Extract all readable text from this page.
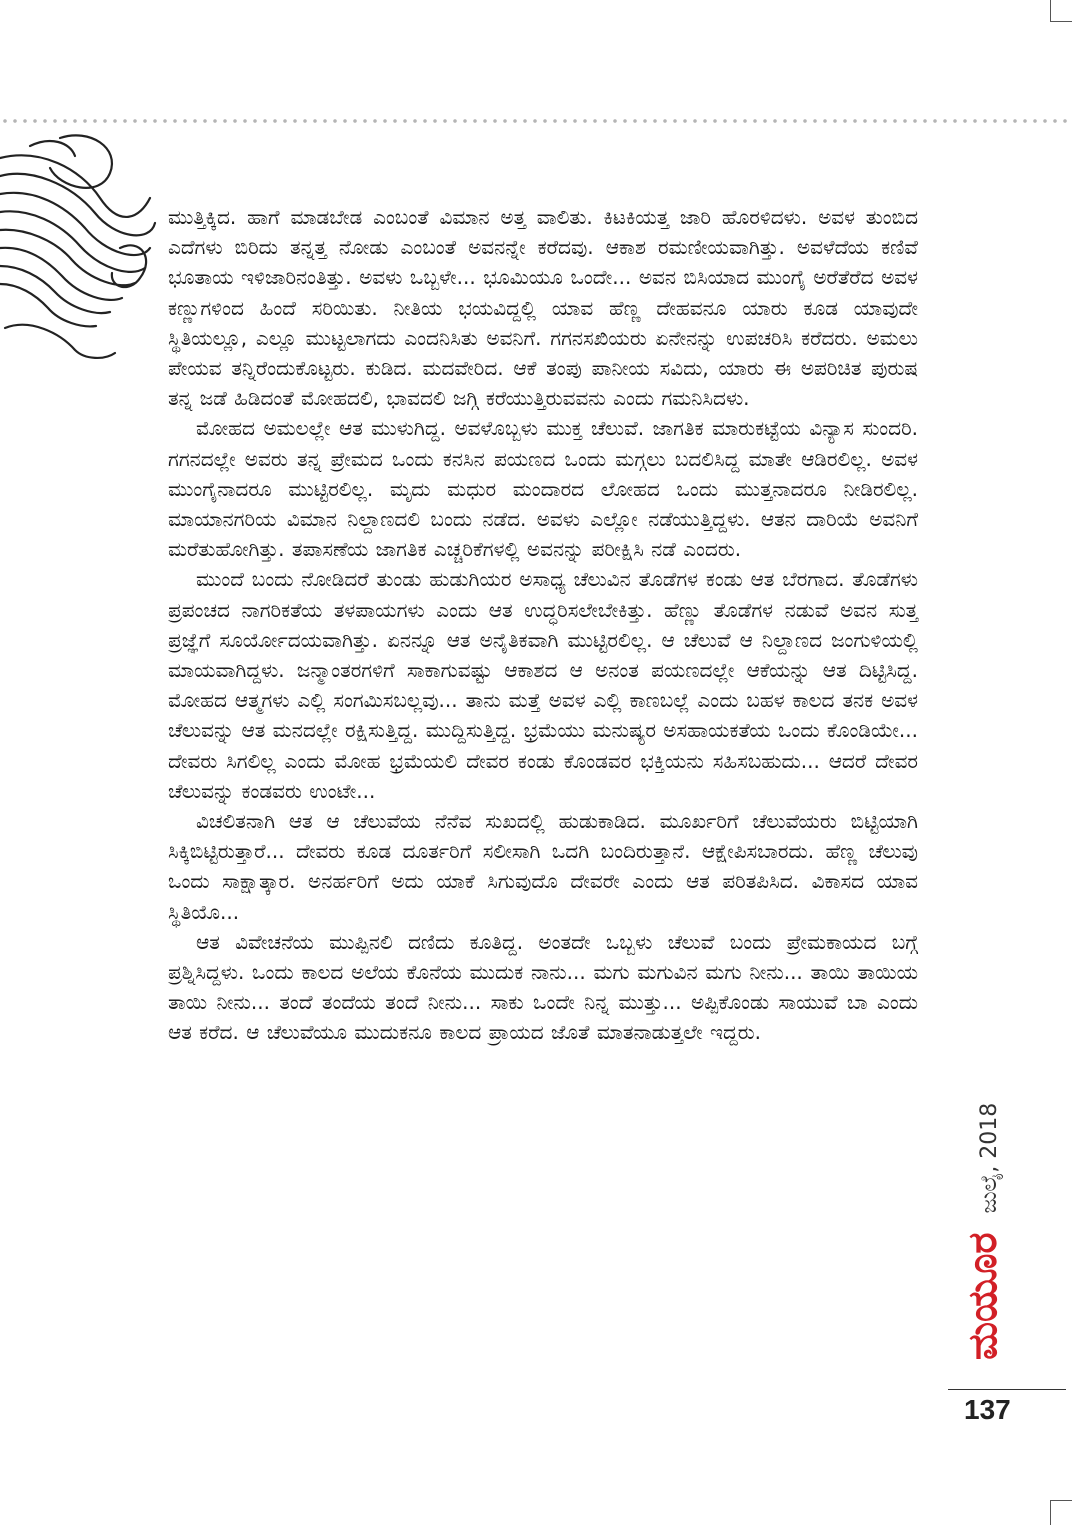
ಮುತ್ತಿಕ್ಕಿದ. ಹಾಗೆ ಮಾಡಬೇಡ ಎಂಬಂತೆ ವಿಮಾನ ಅತ್ತ ವಾಲಿತು. ಕಿಟಕಿಯತ್ತ ಜಾರಿ ಹೊರಳಿದಳು. ಅವಳ ತುಂಬಿದ ಎದೆಗಳು ಬಿರಿದು ತನ್ನತ್ತ ನೋಡು ಎಂಬಂತೆ ಅವನನ್ನೇ ಕರೆದವು. ಆಕಾಶ ರಮಣೀಯವಾಗಿತ್ತು. ಅವಳೆದೆಯ ಕಣಿವೆ ಭೂತಾಯ ಇಳಿಜಾರಿನಂತಿತ್ತು. ಅವಳು ಒಬ್ಬಳೇ... ಭೂಮಿಯೂ ಒಂದೇ... ಅವನ ಬಿಸಿಯಾದ ಮುಂಗೈ ಅರೆತೆರೆದ ಅವಳ ಕಣ್ಣುಗಳಿಂದ ಹಿಂದೆ ಸರಿಯಿತು. ನೀತಿಯ ಭಯವಿದ್ದಲ್ಲಿ ಯಾವ ಹೆಣ್ಣ ದೇಹವನೂ ಯಾರು ಕೂಡ ಯಾವುದೇ ಸ್ಥಿತಿಯಲ್ಲೂ, ಎಲ್ಲೂ ಮುಟ್ಟಲಾಗದು ಎಂದನಿಸಿತು ಅವನಿಗೆ. ಗಗನಸಖಿಯರು ಏನೇನನ್ನು ಉಪಚರಿಸಿ ಕರೆದರು. ಅಮಲು ಪೇಯವ ತನ್ನಿರೆಂದುಕೊಟ್ಟರು. ಕುಡಿದ. ಮದವೇರಿದ. ಆಕೆ ತಂಪು ಪಾನೀಯ ಸವಿದು, ಯಾರು ಈ ಅಪರಿಚಿತ ಪುರುಷ ತನ್ನ ಜಡೆ ಹಿಡಿದಂತೆ ಮೋಹದಲಿ, ಭಾವದಲಿ ಜಗ್ಗಿ ಕರೆಯುತ್ತಿರುವವನು ಎಂದು ಗಮನಿಸಿದಳು.

ಮೋಹದ ಅಮಲಲ್ಲೇ ಆತ ಮುಳುಗಿದ್ದ. ಅವಳೊಬ್ಬಳು ಮುಕ್ತ ಚೆಲುವೆ. ಜಾಗತಿಕ ಮಾರುಕಟ್ಟೆಯ ವಿನ್ಯಾಸ ಸುಂದರಿ. ಗಗನದಲ್ಲೇ ಅವರು ತನ್ನ ಪ್ರೇಮದ ಒಂದು ಕನಸಿನ ಪಯಣದ ಒಂದು ಮಗ್ಗಲು ಬದಲಿಸಿದ್ದ ಮಾತೇ ಆಡಿರಲಿಲ್ಲ. ಅವಳ ಮುಂಗೈನಾದರೂ ಮುಟ್ಟಿರಲಿಲ್ಲ. ಮೃದು ಮಧುರ ಮಂದಾರದ ಲೋಹದ ಒಂದು ಮುತ್ತನಾದರೂ ನೀಡಿರಲಿಲ್ಲ. ಮಾಯಾನಗರಿಯ ವಿಮಾನ ನಿಲ್ದಾಣದಲಿ ಬಂದು ನಡೆದ. ಅವಳು ಎಲ್ಲೋ ನಡೆಯುತ್ತಿದ್ದಳು. ಆತನ ದಾರಿಯೆ ಅವನಿಗೆ ಮರೆತುಹೋಗಿತ್ತು. ತಪಾಸಣೆಯ ಜಾಗತಿಕ ಎಚ್ಚರಿಕೆಗಳಲ್ಲಿ ಅವನನ್ನು ಪರೀಕ್ಷಿಸಿ ನಡೆ ಎಂದರು.

ಮುಂದೆ ಬಂದು ನೋಡಿದರೆ ತುಂಡು ಹುಡುಗಿಯರ ಅಸಾಧ್ಯ ಚೆಲುವಿನ ತೊಡೆಗಳ ಕಂಡು ಆತ ಬೆರಗಾದ. ತೊಡೆಗಳು ಪ್ರಪಂಚದ ನಾಗರಿಕತೆಯ ತಳಪಾಯಗಳು ಎಂದು ಆತ ಉದ್ಧರಿಸಲೇಬೇಕಿತ್ತು. ಹೆಣ್ಣು ತೊಡೆಗಳ ನಡುವೆ ಅವನ ಸುತ್ತ ಪ್ರಜ್ಞೆಗೆ ಸೂರ್ಯೋದಯವಾಗಿತ್ತು. ಏನನ್ನೂ ಆತ ಅನೈತಿಕವಾಗಿ ಮುಟ್ಟಿರಲಿಲ್ಲ. ಆ ಚೆಲುವೆ ಆ ನಿಲ್ದಾಣದ ಜಂಗುಳಿಯಲ್ಲಿ ಮಾಯವಾಗಿದ್ದಳು. ಜನ್ಮಾಂತರಗಳಿಗೆ ಸಾಕಾಗುವಷ್ಟು ಆಕಾಶದ ಆ ಅನಂತ ಪಯಣದಲ್ಲೇ ಆಕೆಯನ್ನು ಆತ ದಿಟ್ಟಿಸಿದ್ದ. ಮೋಹದ ಆತ್ಮಗಳು ಎಲ್ಲಿ ಸಂಗಮಿಸಬಲ್ಲವು... ತಾನು ಮತ್ತೆ ಅವಳ ಎಲ್ಲಿ ಕಾಣಬಲ್ಲೆ ಎಂದು ಬಹಳ ಕಾಲದ ತನಕ ಅವಳ ಚೆಲುವನ್ನು ಆತ ಮನದಲ್ಲೇ ರಕ್ಷಿಸುತ್ತಿದ್ದ. ಮುದ್ದಿಸುತ್ತಿದ್ದ. ಭ್ರಮೆಯು ಮನುಷ್ಯರ ಅಸಹಾಯಕತೆಯ ಒಂದು ಕೊಂಡಿಯೇ... ದೇವರು ಸಿಗಲಿಲ್ಲ ಎಂದು ಮೋಹ ಭ್ರಮೆಯಲಿ ದೇವರ ಕಂಡು ಕೊಂಡವರ ಭಕ್ತಿಯನು ಸಹಿಸಬಹುದು... ಆದರೆ ದೇವರ ಚೆಲುವನ್ನು ಕಂಡವರು ಉಂಟೇ...

ವಿಚಲಿತನಾಗಿ ಆತ ಆ ಚೆಲುವೆಯ ನೆನೆವ ಸುಖದಲ್ಲಿ ಹುಡುಕಾಡಿದ. ಮೂರ್ಖರಿಗೆ ಚೆಲುವೆಯರು ಬಿಟ್ಟಿಯಾಗಿ ಸಿಕ್ಕಿಬಿಟ್ಟಿರುತ್ತಾರೆ... ದೇವರು ಕೂಡ ದೂರ್ತರಿಗೆ ಸಲೀಸಾಗಿ ಒದಗಿ ಬಂದಿರುತ್ತಾನೆ. ಆಕ್ಷೇಪಿಸಬಾರದು. ಹೆಣ್ಣ ಚೆಲುವು ಒಂದು ಸಾಕ್ಷಾತ್ಕಾರ. ಅನರ್ಹರಿಗೆ ಅದು ಯಾಕೆ ಸಿಗುವುದೊ ದೇವರೇ ಎಂದು ಆತ ಪರಿತಪಿಸಿದ. ವಿಕಾಸದ ಯಾವ ಸ್ಥಿತಿಯೊ...

ಆತ ವಿವೇಚನೆಯ ಮುಪ್ಪಿನಲಿ ದಣಿದು ಕೂತಿದ್ದ. ಅಂತದೇ ಒಬ್ಬಳು ಚೆಲುವೆ ಬಂದು ಪ್ರೇಮಕಾಯದ ಬಗ್ಗೆ ಪ್ರಶ್ನಿಸಿದ್ದಳು. ಒಂದು ಕಾಲದ ಅಲೆಯ ಕೊನೆಯ ಮುದುಕ ನಾನು... ಮಗು ಮಗುವಿನ ಮಗು ನೀನು... ತಾಯಿ ತಾಯಿಯ ತಾಯಿ ನೀನು... ತಂದೆ ತಂದೆಯ ತಂದೆ ನೀನು... ಸಾಕು ಒಂದೇ ನಿನ್ನ ಮುತ್ತು... ಅಪ್ಪಿಕೊಂಡು ಸಾಯುವೆ ಬಾ ಎಂದು ಆತ ಕರೆದ. ಆ ಚೆಲುವೆಯೂ ಮುದುಕನೂ ಕಾಲದ ಪ್ರಾಯದ ಜೊತೆ ಮಾತನಾಡುತ್ತಲೇ ಇದ್ದರು.

ಮಯೂರ ಜುಲೈ, 2018
137
